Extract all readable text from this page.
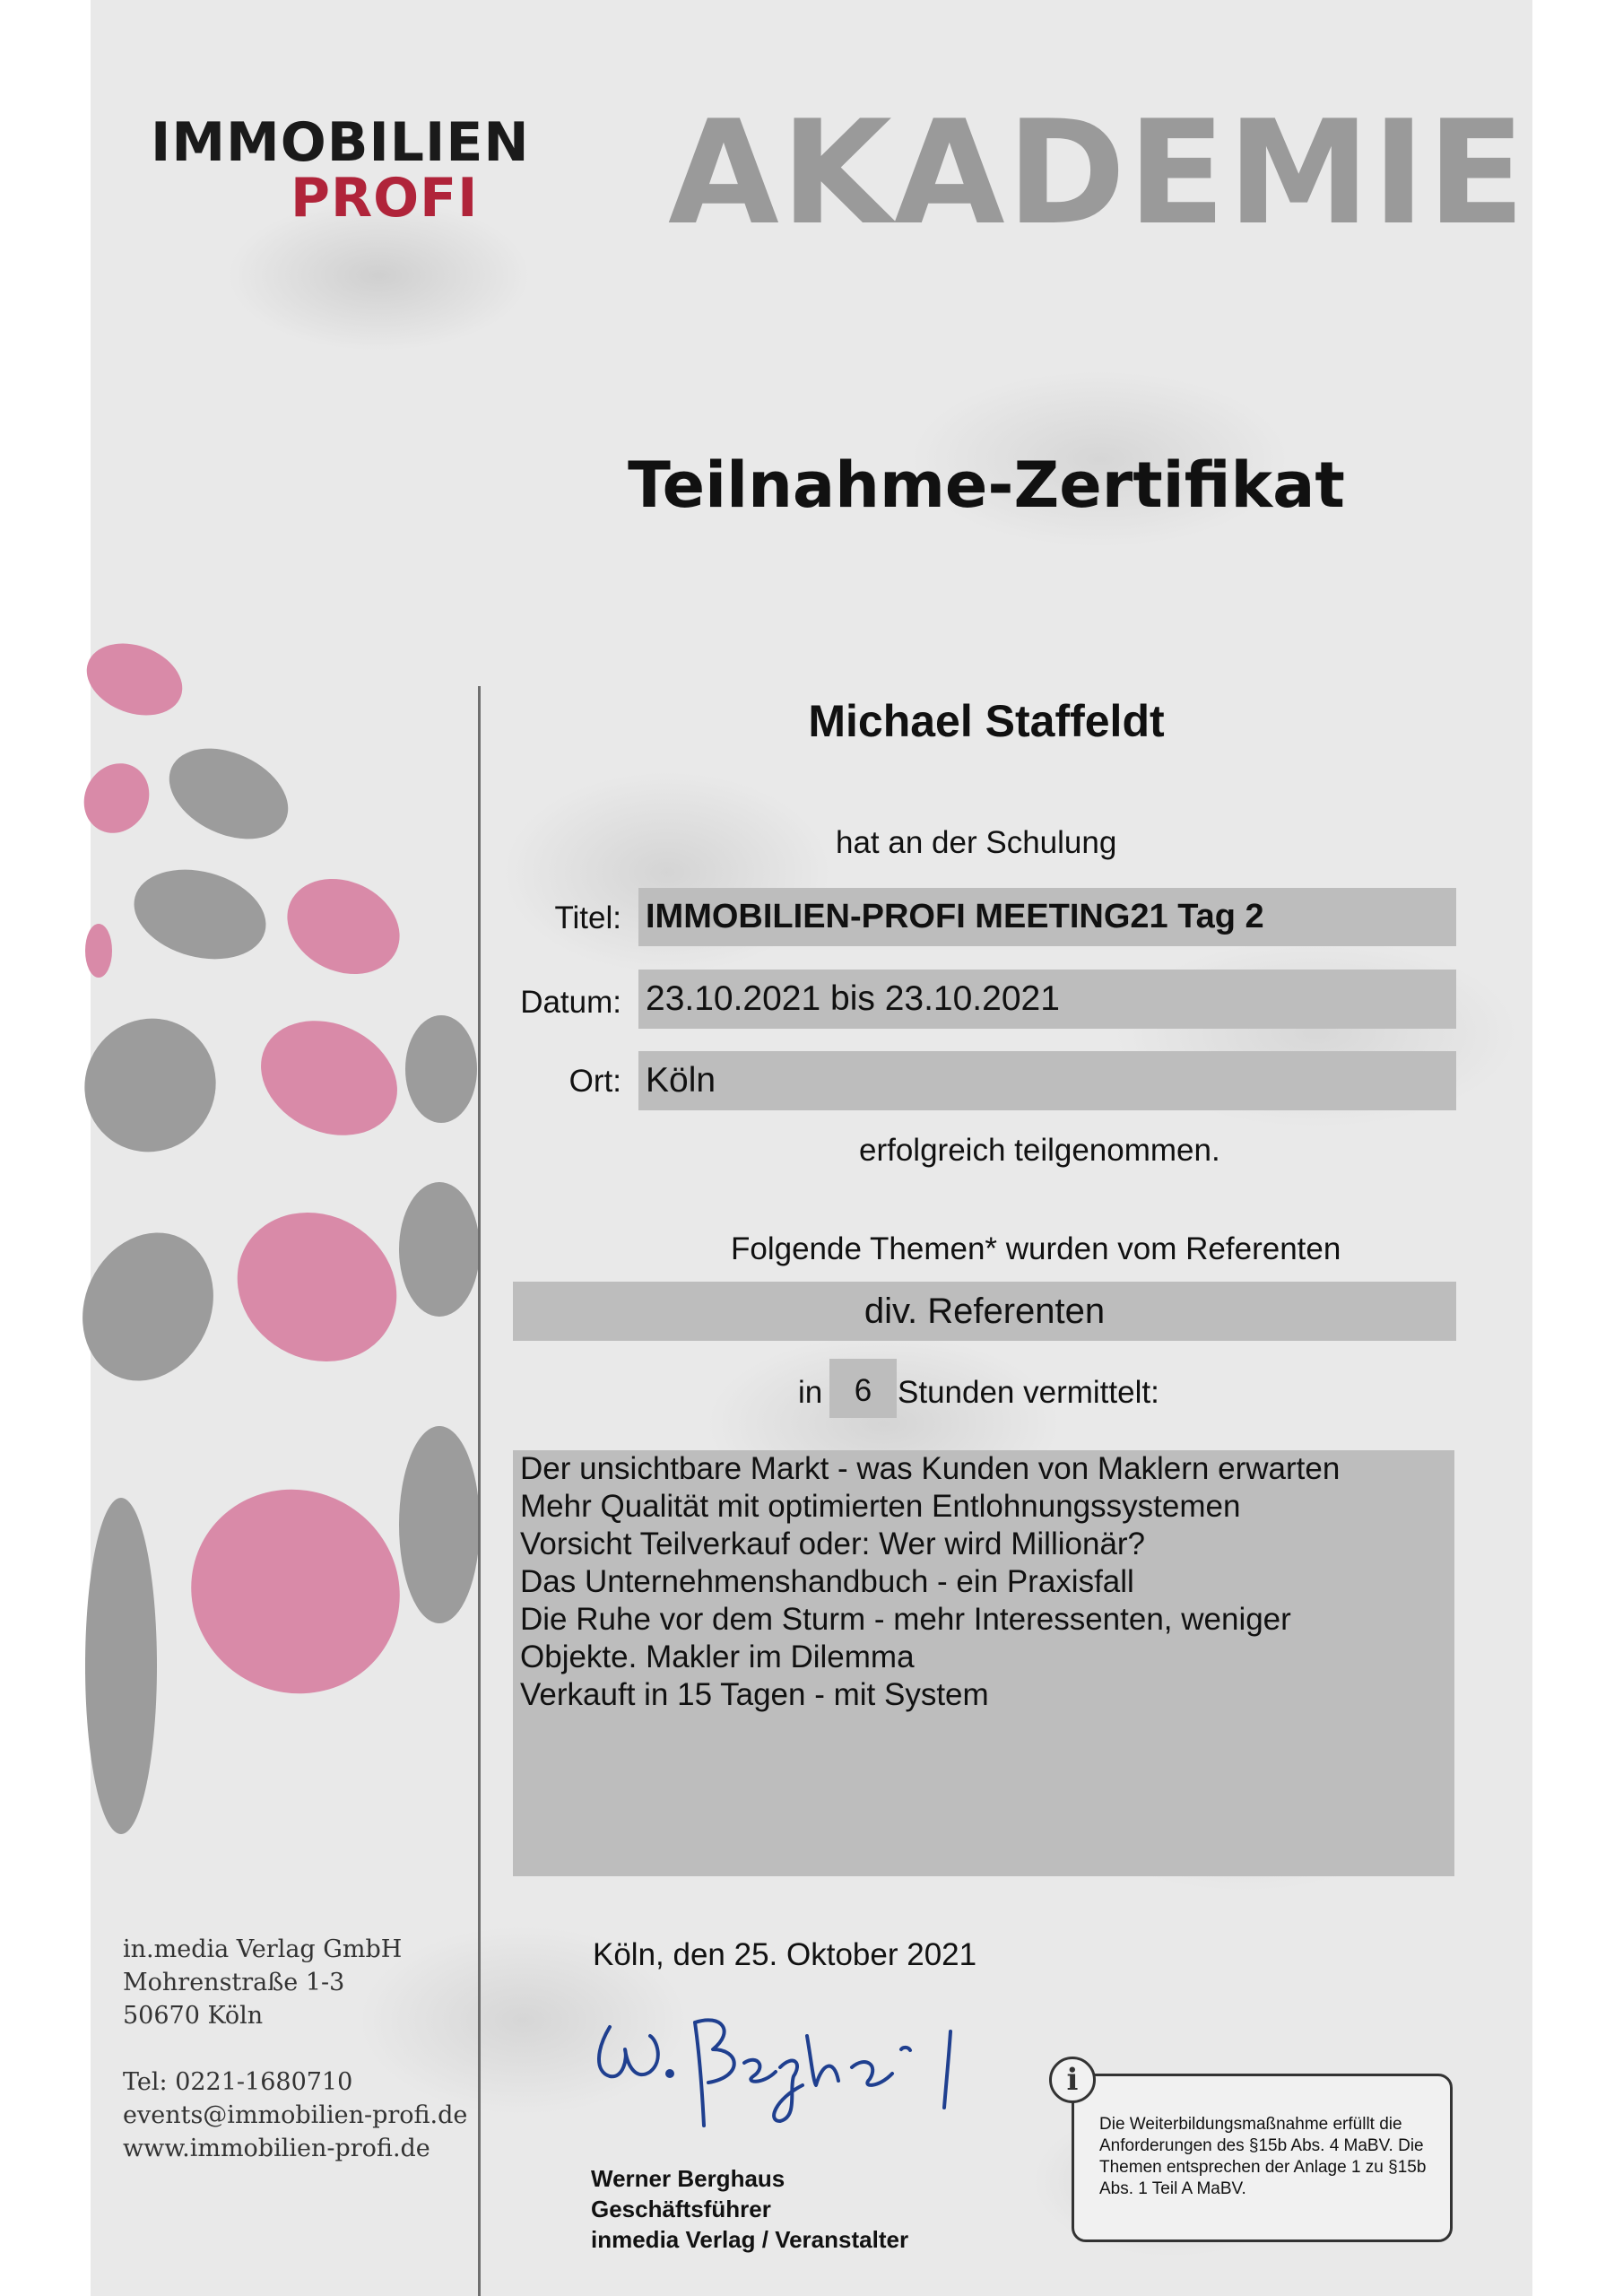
IMMOBILIEN
PROFI AKADEMIE
Teilnahme-Zertifikat
Michael Staffeldt
hat an der Schulung
Titel: IMMOBILIEN-PROFI MEETING21 Tag 2
Datum: 23.10.2021 bis 23.10.2021
Ort: Köln
erfolgreich teilgenommen.
Folgende Themen* wurden vom Referenten
div. Referenten
in	6 Stunden vermittelt:
Der unsichtbare Markt - was Kunden von Maklern erwarten
Mehr Qualität mit optimierten Entlohnungssystemen
Vorsicht Teilverkauf oder: Wer wird Millionär?
Das Unternehmenshandbuch - ein Praxisfall
Die Ruhe vor dem Sturm - mehr Interessenten, weniger
Objekte. Makler im Dilemma
Verkauft in 15 Tagen - mit System
in.media Verlag GmbH
Mohrenstraße 1-3
50670 Köln
Tel: 0221-1680710
events@immobilien-profi.de
www.immobilien-profi.de
Köln, den 25. Oktober 2021
Werner Berghaus
Geschäftsführer
inmedia Verlag / Veranstalter
Die Weiterbildungsmaßnahme erfüllt die Anforderungen des §15b Abs. 4 MaBV. Die Themen entsprechen der Anlage 1 zu §15b Abs. 1 Teil A MaBV.
i
